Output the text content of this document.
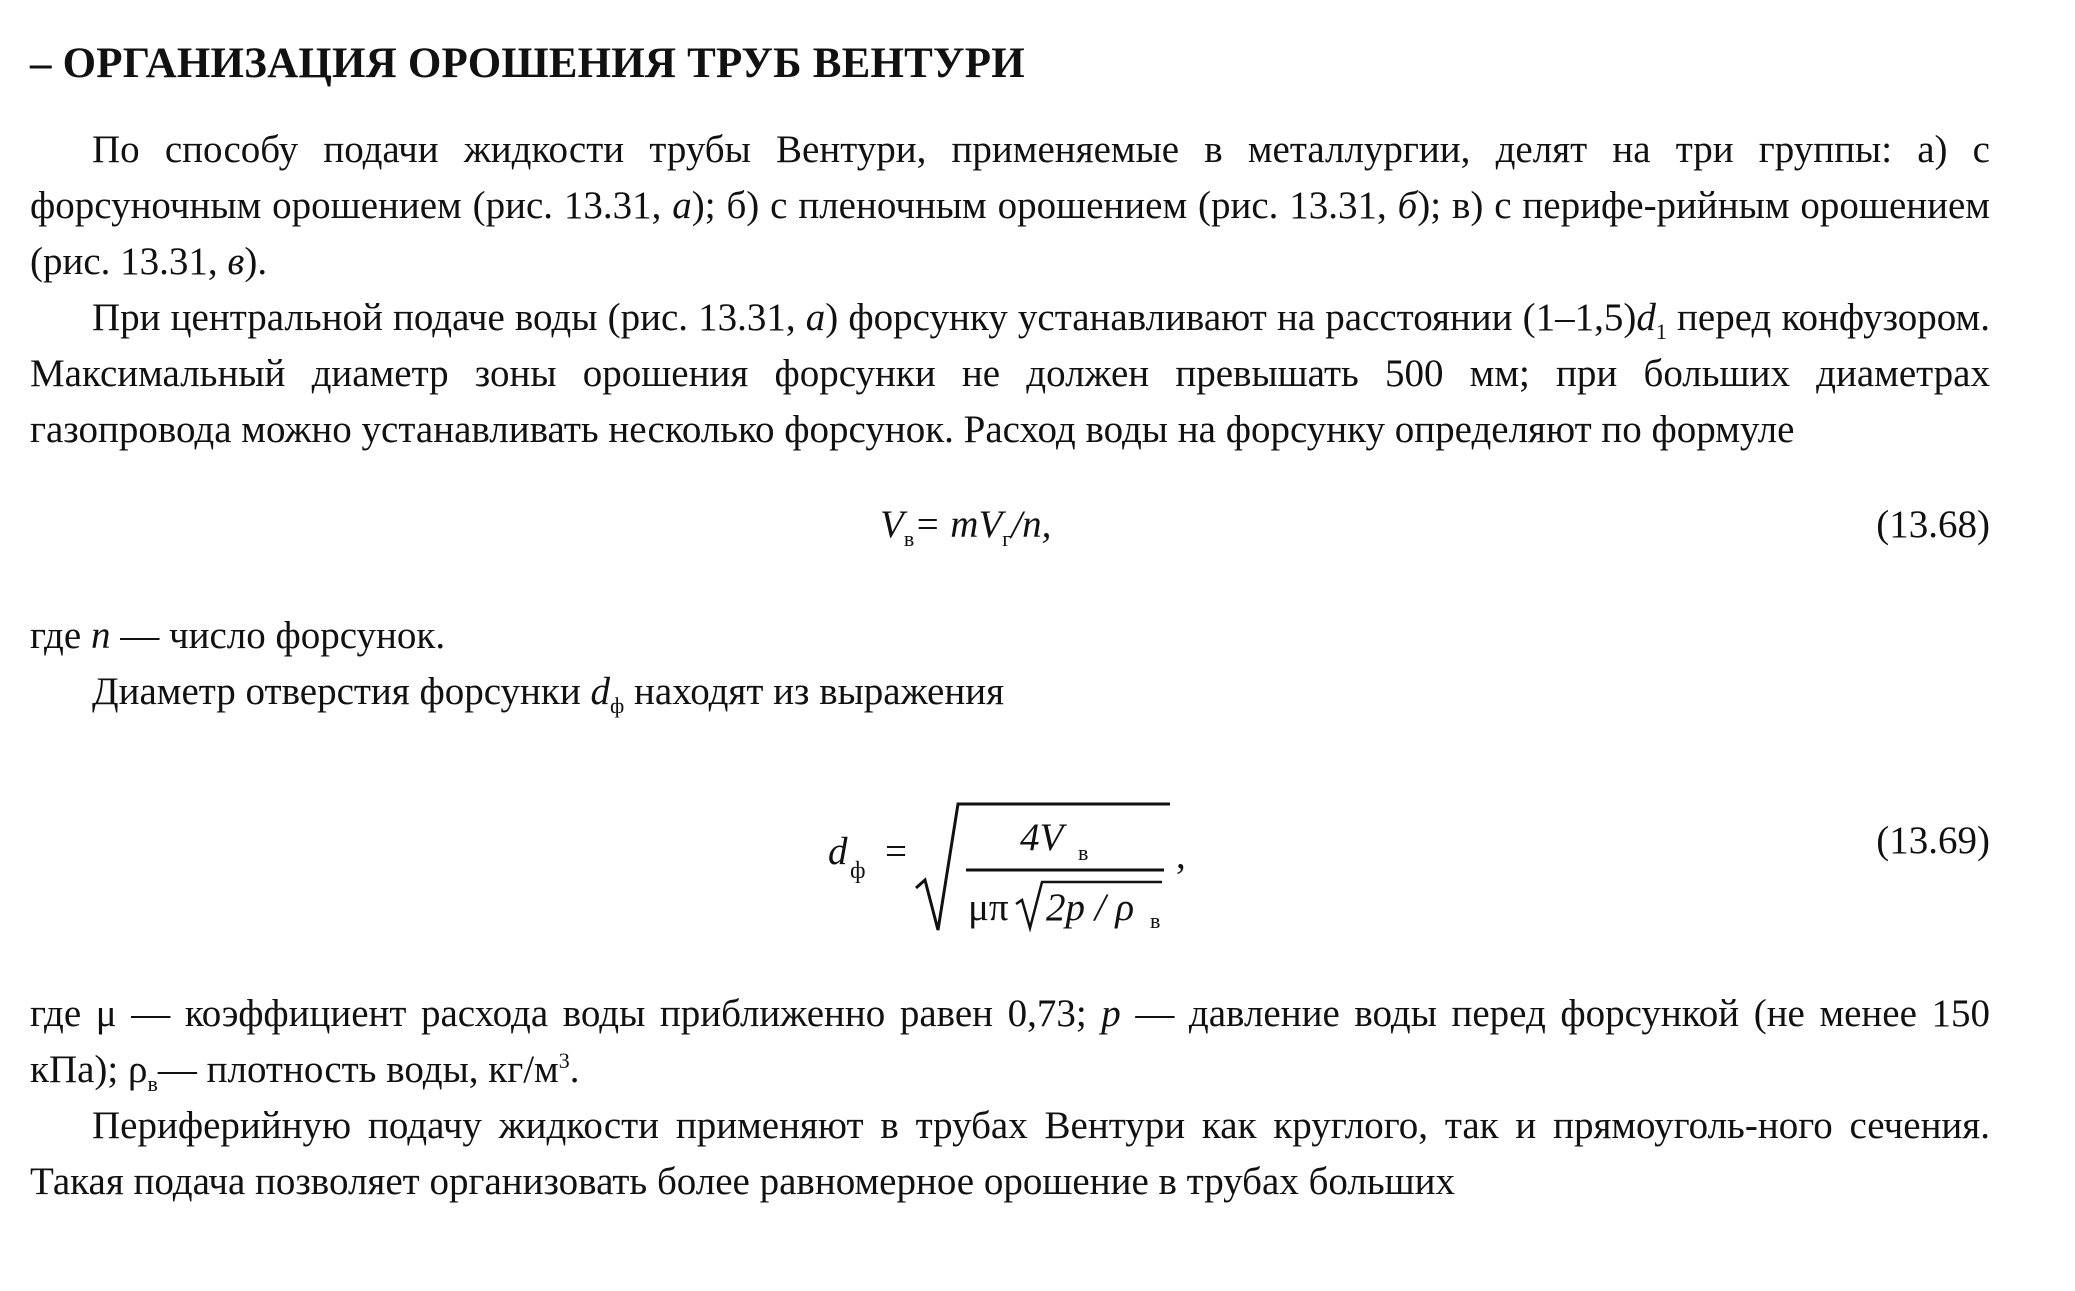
– ОРГАНИЗАЦИЯ ОРОШЕНИЯ ТРУБ ВЕНТУРИ

По способу подачи жидкости трубы Вентури, применяемые в металлургии, делят на три группы: а) с форсуночным орошением (рис. 13.31, а); б) с пленочным орошением (рис. 13.31, б); в) с перифе-рийным орошением (рис. 13.31, в).

При центральной подаче воды (рис. 13.31, а) форсунку устанавливают на расстоянии $(1-1,5)d_1$ перед конфузором. Максимальный диаметр зоны орошения форсунки не должен превышать 500 мм; при больших диаметрах газопровода можно устанавливать несколько форсунок. Расход воды на форсунку определяют по формуле

$V_в= mV_г/n$,	(13.68)

где n — число форсунок.

Диаметр отверстия форсунки $d_ф$ находят из выражения

d ф =	4V в
μπ 2p / ρ в
,	(13.69)

где μ — коэффициент расхода воды приближенно равен 0,73; p — давление воды перед форсункой (не менее 150 кПа); $\rho_в—$ плотность воды, $кг/м^3$.

Периферийную подачу жидкости применяют в трубах Вентури как круглого, так и прямоуголь-ного сечения. Такая подача позволяет организовать более равномерное орошение в трубах больших
